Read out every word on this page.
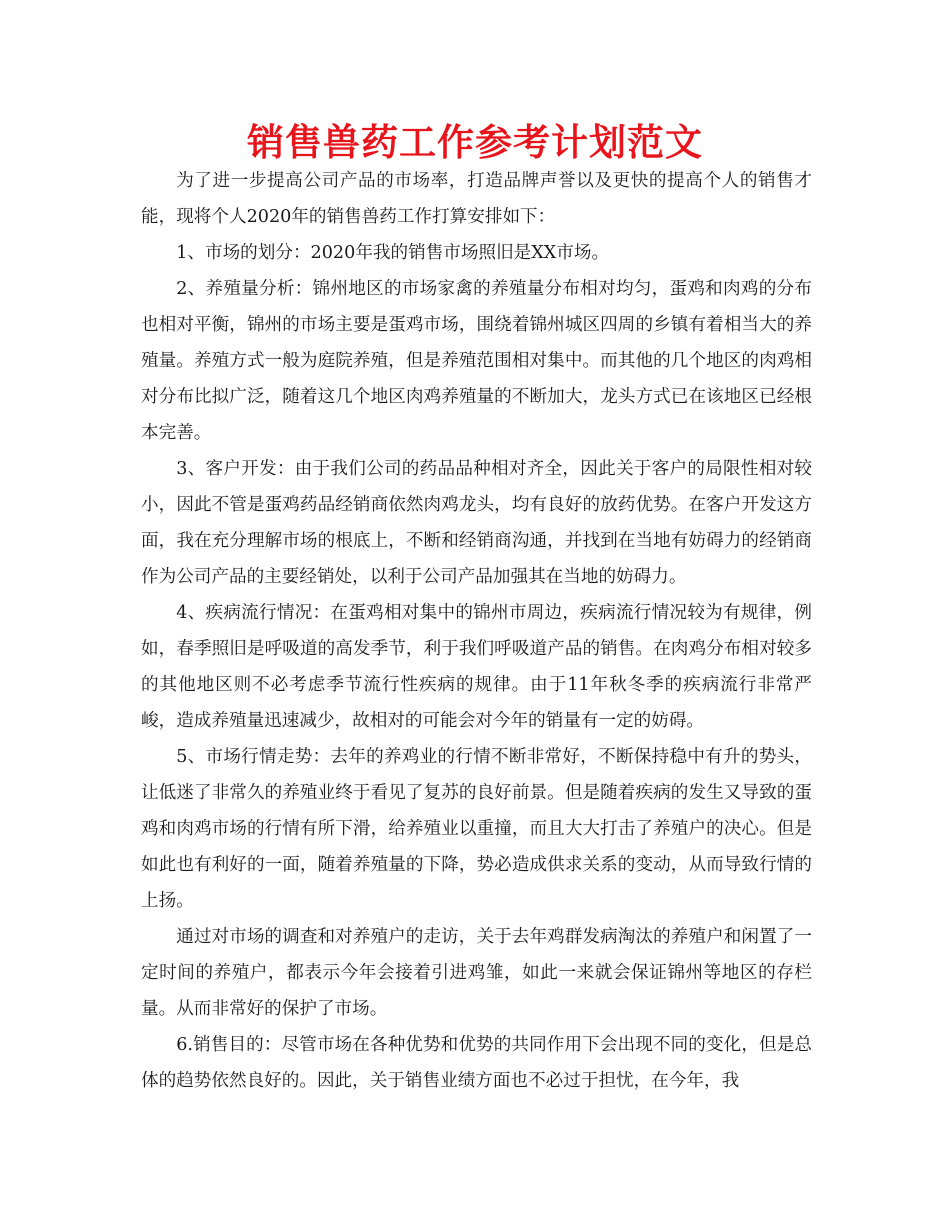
销售兽药工作参考计划范文

为了进一步提高公司产品的市场率，打造品牌声誉以及更快的提高个人的销售才能，现将个人2020年的销售兽药工作打算安排如下：

1、市场的划分：2020年我的销售市场照旧是XX市场。

2、养殖量分析：锦州地区的市场家禽的养殖量分布相对均匀，蛋鸡和肉鸡的分布也相对平衡，锦州的市场主要是蛋鸡市场，围绕着锦州城区四周的乡镇有着相当大的养殖量。养殖方式一般为庭院养殖，但是养殖范围相对集中。而其他的几个地区的肉鸡相对分布比拟广泛，随着这几个地区肉鸡养殖量的不断加大，龙头方式已在该地区已经根本完善。

3、客户开发：由于我们公司的药品品种相对齐全，因此关于客户的局限性相对较小，因此不管是蛋鸡药品经销商依然肉鸡龙头，均有良好的放药优势。在客户开发这方面，我在充分理解市场的根底上，不断和经销商沟通，并找到在当地有妨碍力的经销商作为公司产品的主要经销处，以利于公司产品加强其在当地的妨碍力。

4、疾病流行情况：在蛋鸡相对集中的锦州市周边，疾病流行情况较为有规律，例如，春季照旧是呼吸道的高发季节，利于我们呼吸道产品的销售。在肉鸡分布相对较多的其他地区则不必考虑季节流行性疾病的规律。由于11年秋冬季的疾病流行非常严峻，造成养殖量迅速减少，故相对的可能会对今年的销量有一定的妨碍。

5、市场行情走势：去年的养鸡业的行情不断非常好，不断保持稳中有升的势头，让低迷了非常久的养殖业终于看见了复苏的良好前景。但是随着疾病的发生又导致的蛋鸡和肉鸡市场的行情有所下滑，给养殖业以重撞，而且大大打击了养殖户的决心。但是如此也有利好的一面，随着养殖量的下降，势必造成供求关系的变动，从而导致行情的上扬。

通过对市场的调查和对养殖户的走访，关于去年鸡群发病淘汰的养殖户和闲置了一定时间的养殖户，都表示今年会接着引进鸡雏，如此一来就会保证锦州等地区的存栏量。从而非常好的保护了市场。

6.销售目的：尽管市场在各种优势和优势的共同作用下会出现不同的变化，但是总体的趋势依然良好的。因此，关于销售业绩方面也不必过于担忧，在今年，我
